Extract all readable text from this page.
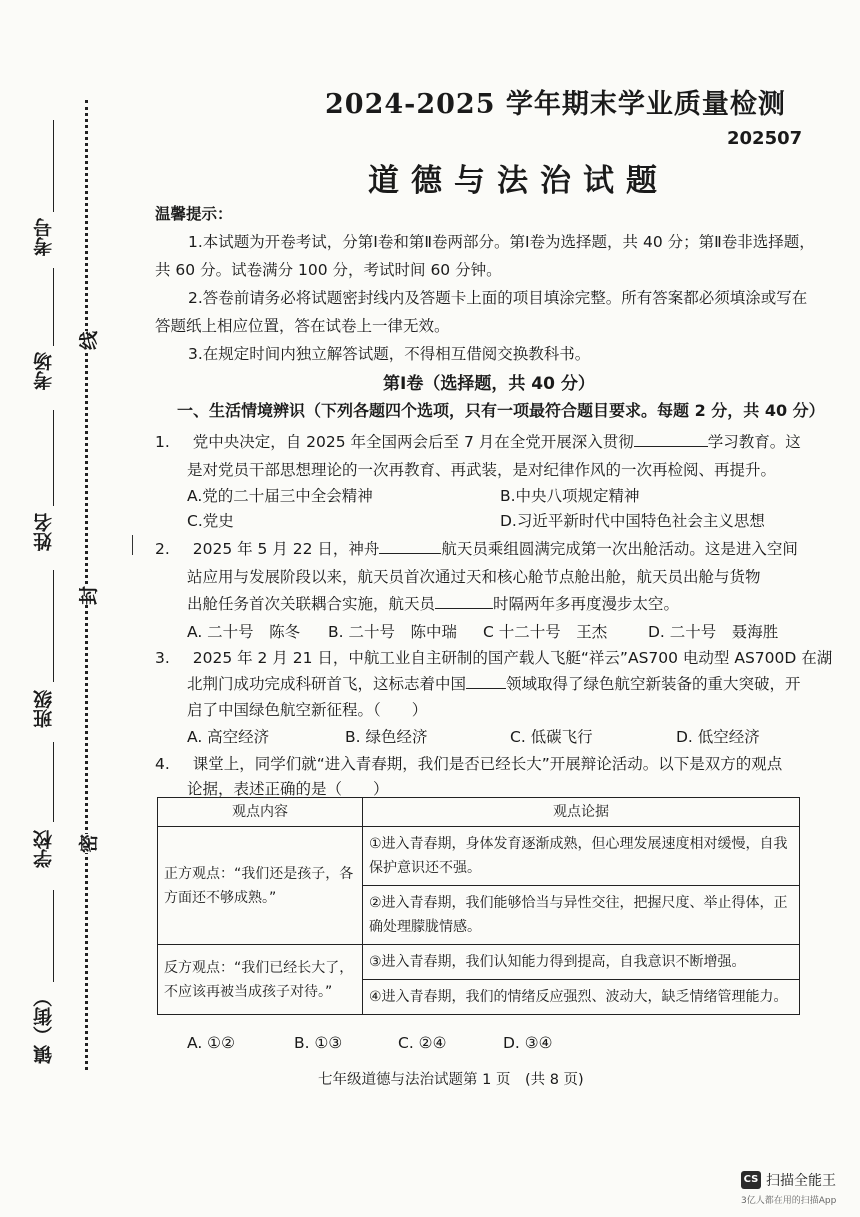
考号
考场
姓名
班级
学校
镇（街）
线
封
密
2024-2025 学年期末学业质量检测
202507
道德与法治试题
温馨提示：
1.本试题为开卷考试，分第Ⅰ卷和第Ⅱ卷两部分。第Ⅰ卷为选择题，共 40 分；第Ⅱ卷非选择题，
共 60 分。试卷满分 100 分，考试时间 60 分钟。
2.答卷前请务必将试题密封线内及答题卡上面的项目填涂完整。所有答案都必须填涂或写在
答题纸上相应位置，答在试卷上一律无效。
3.在规定时间内独立解答试题，不得相互借阅交换教科书。
第Ⅰ卷（选择题，共 40 分）
一、生活情境辨识（下列各题四个选项，只有一项最符合题目要求。每题 2 分，共 40 分）
1. 党中央决定，自 2025 年全国两会后至 7 月在全党开展深入贯彻	学习教育。这
是对党员干部思想理论的一次再教育、再武装，是对纪律作风的一次再检阅、再提升。
A.党的二十届三中全会精神	B.中央八项规定精神
C.党史	D.习近平新时代中国特色社会主义思想
2. 2025 年 5 月 22 日，神舟	航天员乘组圆满完成第一次出舱活动。这是进入空间
站应用与发展阶段以来，航天员首次通过天和核心舱节点舱出舱，航天员出舱与货物
出舱任务首次关联耦合实施，航天员	时隔两年多再度漫步太空。
A. 二十号　陈冬 B. 二十号　陈中瑞 C 十二十号　王杰	D. 二十号　聂海胜
3. 2025 年 2 月 21 日，中航工业自主研制的国产载人飞艇“祥云”AS700 电动型 AS700D 在湖
北荆门成功完成科研首飞，这标志着中国	领域取得了绿色航空新装备的重大突破，开
启了中国绿色航空新征程。（　　）
A. 高空经济	B. 绿色经济	C. 低碳飞行	D. 低空经济
4. 课堂上，同学们就“进入青春期，我们是否已经长大”开展辩论活动。以下是双方的观点
论据，表述正确的是（　　）
观点内容	观点论据
正方观点：“我们还是孩子，各方面还不够成熟。”	①进入青春期，身体发育逐渐成熟，但心理发展速度相对缓慢，自我保护意识还不强。
	②进入青春期，我们能够恰当与异性交往，把握尺度、举止得体，正确处理朦胧情感。
反方观点：“我们已经长大了，不应该再被当成孩子对待。”	③进入青春期，我们认知能力得到提高，自我意识不断增强。
	④进入青春期，我们的情绪反应强烈、波动大，缺乏情绪管理能力。
A. ①②	B. ①③	C. ②④	D. ③④
七年级道德与法治试题第 1 页　(共 8 页)
CS 扫描全能王
3亿人都在用的扫描App
